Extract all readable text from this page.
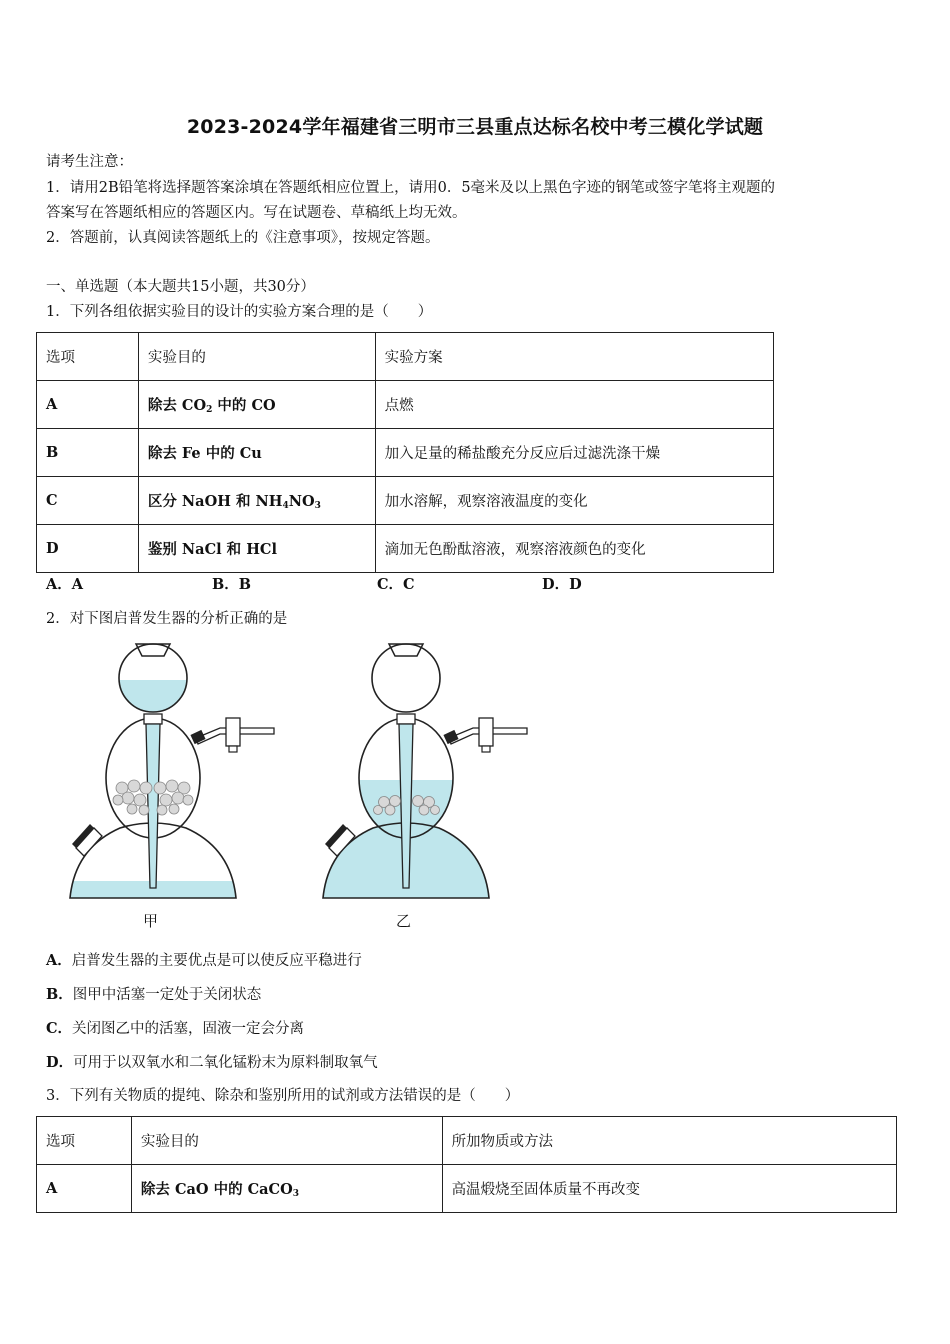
2023-2024学年福建省三明市三县重点达标名校中考三模化学试题
请考生注意：
1．请用2B铅笔将选择题答案涂填在答题纸相应位置上，请用0．5毫米及以上黑色字迹的钢笔或签字笔将主观题的
答案写在答题纸相应的答题区内。写在试题卷、草稿纸上均无效。
2．答题前，认真阅读答题纸上的《注意事项》，按规定答题。
一、单选题（本大题共15小题，共30分）
1．下列各组依据实验目的设计的实验方案合理的是（　　）
选项	实验目的	实验方案
A	除去 $CO_2$ 中的 CO	点燃
B	除去 Fe 中的 Cu	加入足量的稀盐酸充分反应后过滤洗涤干燥
C	区分 NaOH 和 $NH_4NO_3$	加水溶解，观察溶液温度的变化
D	鉴别 NaCl 和 HCl	滴加无色酚酞溶液，观察溶液颜色的变化
A．A	B．B	C．C	D．D
2．对下图启普发生器的分析正确的是
甲	乙
A．启普发生器的主要优点是可以使反应平稳进行
B．图甲中活塞一定处于关闭状态
C．关闭图乙中的活塞，固液一定会分离
D．可用于以双氧水和二氧化锰粉末为原料制取氧气
3．下列有关物质的提纯、除杂和鉴别所用的试剂或方法错误的是（　　）
选项	实验目的	所加物质或方法
A	除去 CaO 中的 CaCO$_3$	高温煅烧至固体质量不再改变
